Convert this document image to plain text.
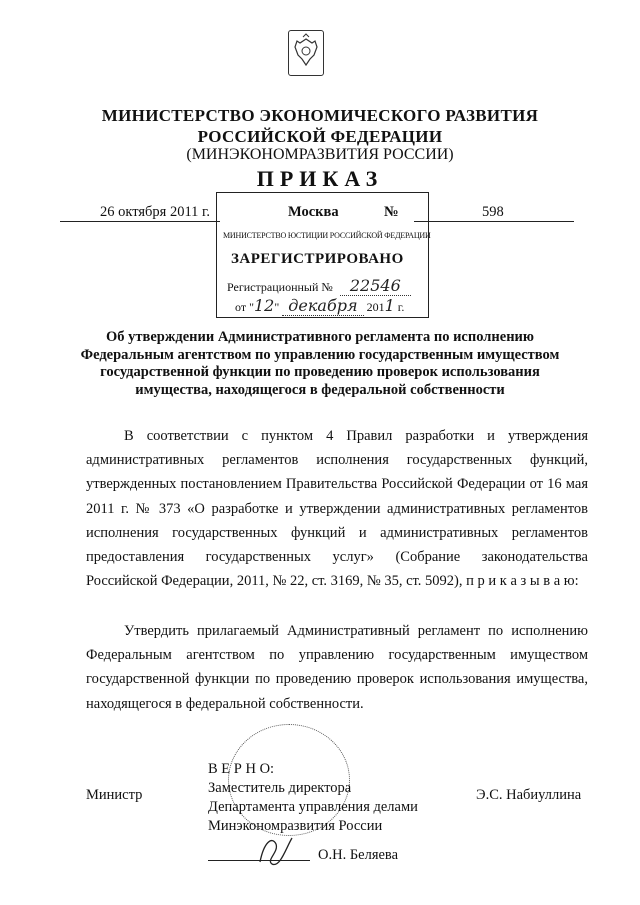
МИНИСТЕРСТВО ЭКОНОМИЧЕСКОГО РАЗВИТИЯ
РОССИЙСКОЙ ФЕДЕРАЦИИ
(МИНЭКОНОМРАЗВИТИЯ РОССИИ)
ПРИКАЗ
26 октября 2011 г.	Москва	№	598
МИНИСТЕРСТВО ЮСТИЦИИ РОССИЙСКОЙ ФЕДЕРАЦИИ
ЗАРЕГИСТРИРОВАНО
Регистрационный № 22546
от "12" декабря 2011 г.
Об утверждении Административного регламента по исполнению Федеральным агентством по управлению государственным имуществом государственной функции по проведению проверок использования имущества, находящегося в федеральной собственности
В соответствии с пунктом 4 Правил разработки и утверждения административных регламентов исполнения государственных функций, утвержденных постановлением Правительства Российской Федерации от 16 мая 2011 г. № 373 «О разработке и утверждении административных регламентов исполнения государственных функций и административных регламентов предоставления государственных услуг» (Собрание законодательства Российской Федерации, 2011, № 22, ст. 3169, № 35, ст. 5092), п р и к а з ы в а ю:
Утвердить прилагаемый Административный регламент по исполнению Федеральным агентством по управлению государственным имуществом государственной функции по проведению проверок использования имущества, находящегося в федеральной собственности.
Министр	Э.С. Набиуллина
В Е Р Н О:
Заместитель директора
Департамента управления делами
Минэкономразвития России
О.Н. Беляева
